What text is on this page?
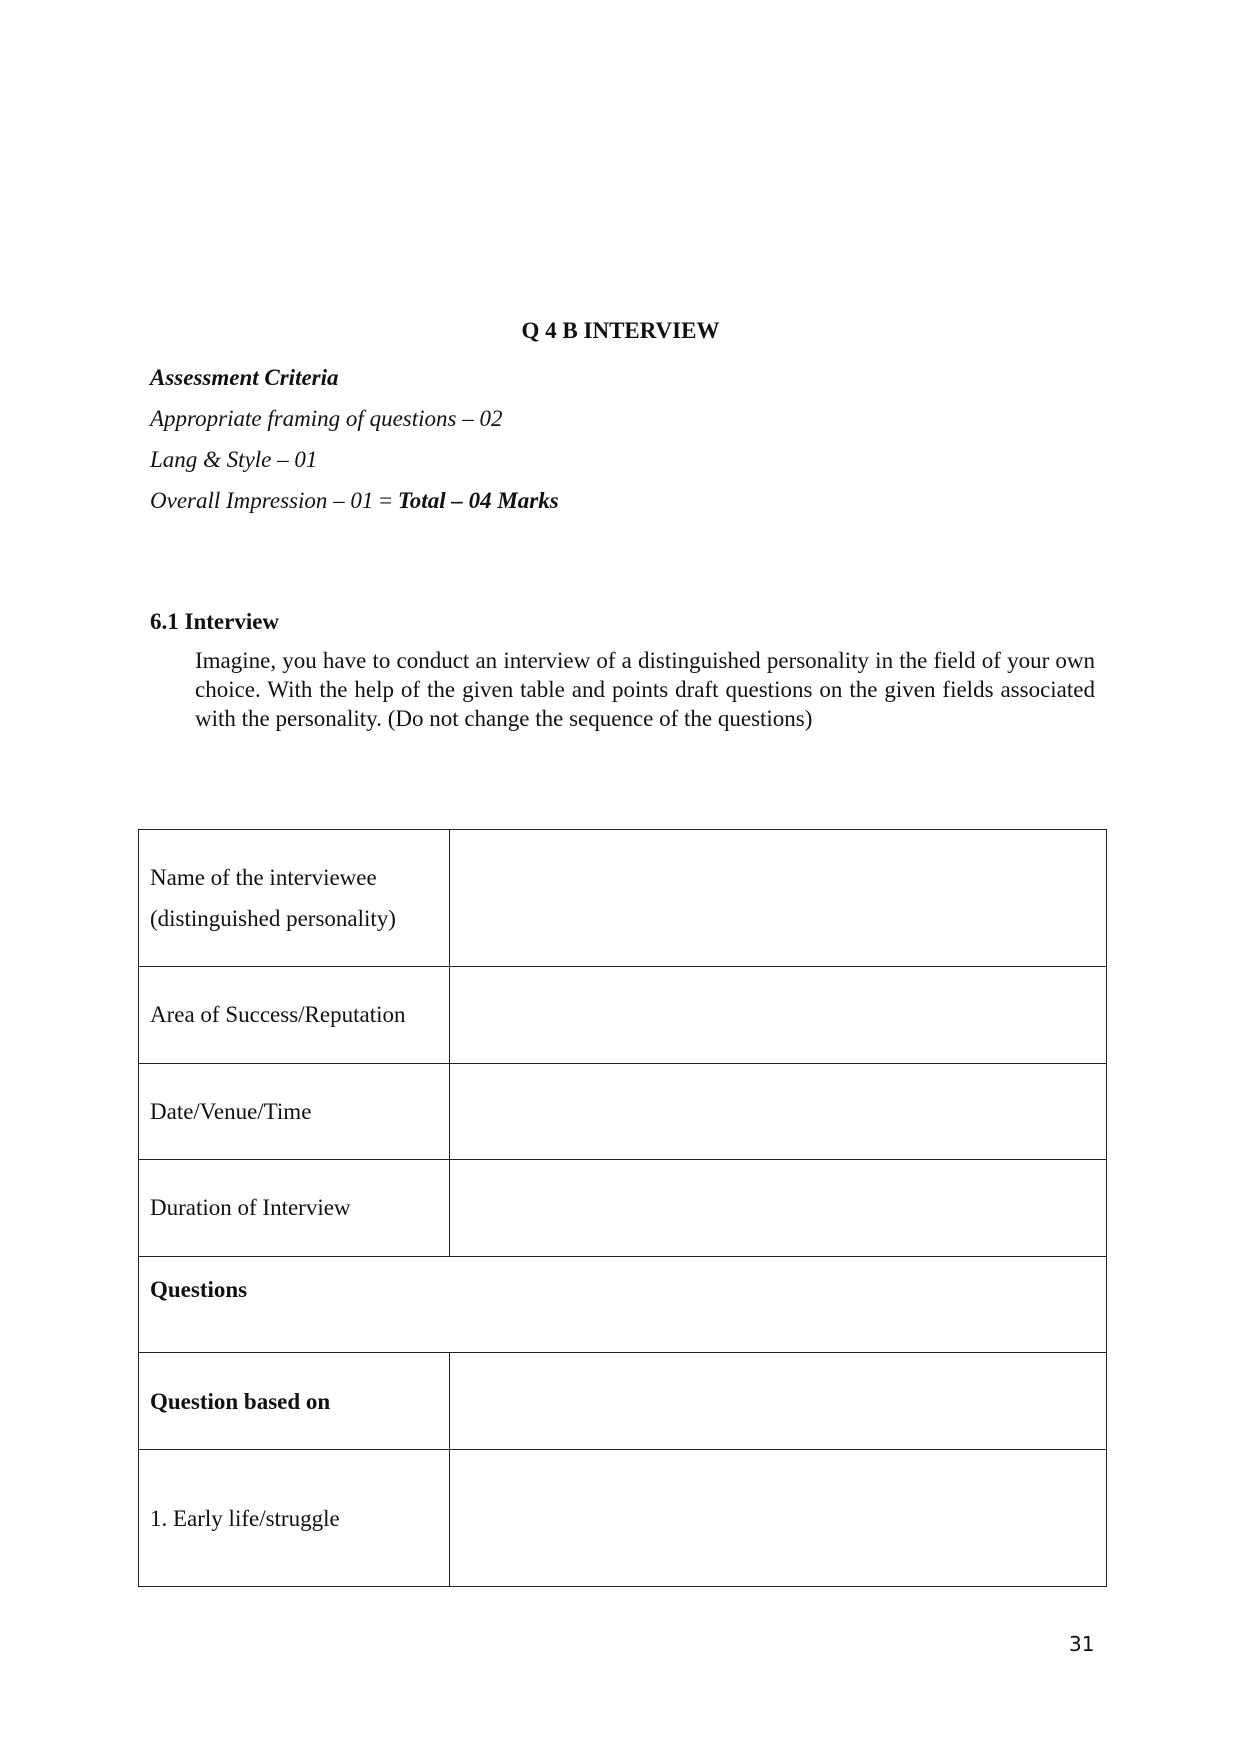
Q 4 B INTERVIEW
Assessment Criteria
Appropriate framing of questions – 02
Lang & Style – 01
Overall Impression – 01 = Total – 04 Marks
6.1 Interview
Imagine, you have to conduct an interview of a distinguished personality in the field of your own choice. With the help of the given table and points draft questions on the given fields associated with the personality. (Do not change the sequence of the questions)
Name of the interviewee
(distinguished personality)	

Area of Success/Reputation	
Date/Venue/Time	
Duration of Interview	
Questions	
Question based on	
1. Early life/struggle	
31
